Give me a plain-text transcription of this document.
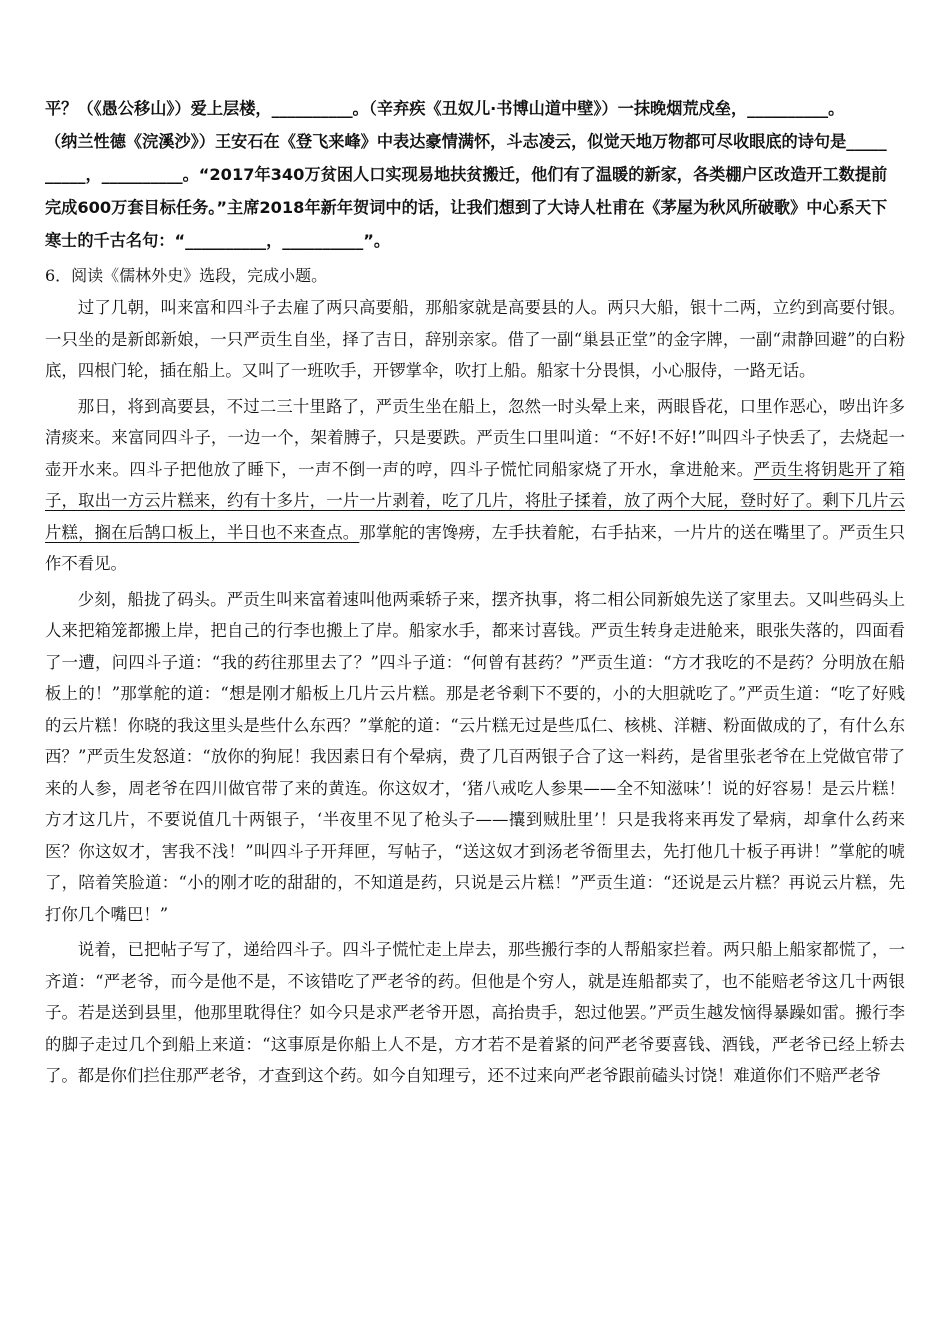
平？（《愚公移山》）爱上层楼，__________。（辛弃疾《丑奴儿·书博山道中壁》）一抹晚烟荒戍垒，__________。

（纳兰性德《浣溪沙》）王安石在《登飞来峰》中表达豪情满怀，斗志凌云，似觉天地万物都可尽收眼底的诗句是_____

_____，__________。“2017年340万贫困人口实现易地扶贫搬迁，他们有了温暖的新家，各类棚户区改造开工数提前

完成600万套目标任务。”主席2018年新年贺词中的话，让我们想到了大诗人杜甫在《茅屋为秋风所破歌》中心系天下

寒士的千古名句：“__________，__________”。

6．阅读《儒林外史》选段，完成小题。

过了几朝，叫来富和四斗子去雇了两只高要船，那船家就是高要县的人。两只大船，银十二两，立约到高要付银。一只坐的是新郎新娘，一只严贡生自坐，择了吉日，辞别亲家。借了一副“巢县正堂”的金字牌，一副“肃静回避”的白粉底，四根门轮，插在船上。又叫了一班吹手，开锣掌伞，吹打上船。船家十分畏惧，小心服侍，一路无话。

那日，将到高要县，不过二三十里路了，严贡生坐在船上，忽然一时头晕上来，两眼昏花，口里作恶心，哕出许多清痰来。来富同四斗子，一边一个，架着膊子，只是要跌。严贡生口里叫道：“不好!不好!”叫四斗子快丢了，去烧起一壶开水来。四斗子把他放了睡下，一声不倒一声的哼，四斗子慌忙同船家烧了开水，拿进舱来。严贡生将钥匙开了箱子，取出一方云片糕来，约有十多片，一片一片剥着，吃了几片，将肚子揉着，放了两个大屁，登时好了。剩下几片云片糕，搁在后鹄口板上，半日也不来查点。那掌舵的害馋痨，左手扶着舵，右手拈来，一片片的送在嘴里了。严贡生只作不看见。

少刻，船拢了码头。严贡生叫来富着速叫他两乘轿子来，摆齐执事，将二相公同新娘先送了家里去。又叫些码头上人来把箱笼都搬上岸，把自己的行李也搬上了岸。船家水手，都来讨喜钱。严贡生转身走进舱来，眼张失落的，四面看了一遭，问四斗子道：“我的药往那里去了？”四斗子道：“何曾有甚药？”严贡生道：“方才我吃的不是药？分明放在船板上的！”那掌舵的道：“想是刚才船板上几片云片糕。那是老爷剩下不要的，小的大胆就吃了。”严贡生道：“吃了好贱的云片糕！你晓的我这里头是些什么东西？”掌舵的道：“云片糕无过是些瓜仁、核桃、洋糖、粉面做成的了，有什么东西？”严贡生发怒道：“放你的狗屁！我因素日有个晕病，费了几百两银子合了这一料药，是省里张老爷在上党做官带了来的人参，周老爷在四川做官带了来的黄连。你这奴才，‘猪八戒吃人参果——全不知滋味’！说的好容易！是云片糕！方才这几片，不要说值几十两银子，‘半夜里不见了枪头子——攮到贼肚里’！只是我将来再发了晕病，却拿什么药来医？你这奴才，害我不浅！”叫四斗子开拜匣，写帖子，“送这奴才到汤老爷衙里去，先打他几十板子再讲！”掌舵的唬了，陪着笑脸道：“小的刚才吃的甜甜的，不知道是药，只说是云片糕！”严贡生道：“还说是云片糕？再说云片糕，先打你几个嘴巴！”

说着，已把帖子写了，递给四斗子。四斗子慌忙走上岸去，那些搬行李的人帮船家拦着。两只船上船家都慌了，一齐道：“严老爷，而今是他不是，不该错吃了严老爷的药。但他是个穷人，就是连船都卖了，也不能赔老爷这几十两银子。若是送到县里，他那里耽得住？如今只是求严老爷开恩，高抬贵手，恕过他罢。”严贡生越发恼得暴躁如雷。搬行李的脚子走过几个到船上来道：“这事原是你船上人不是，方才若不是着紧的问严老爷要喜钱、酒钱，严老爷已经上轿去了。都是你们拦住那严老爷，才查到这个药。如今自知理亏，还不过来向严老爷跟前磕头讨饶！难道你们不赔严老爷
